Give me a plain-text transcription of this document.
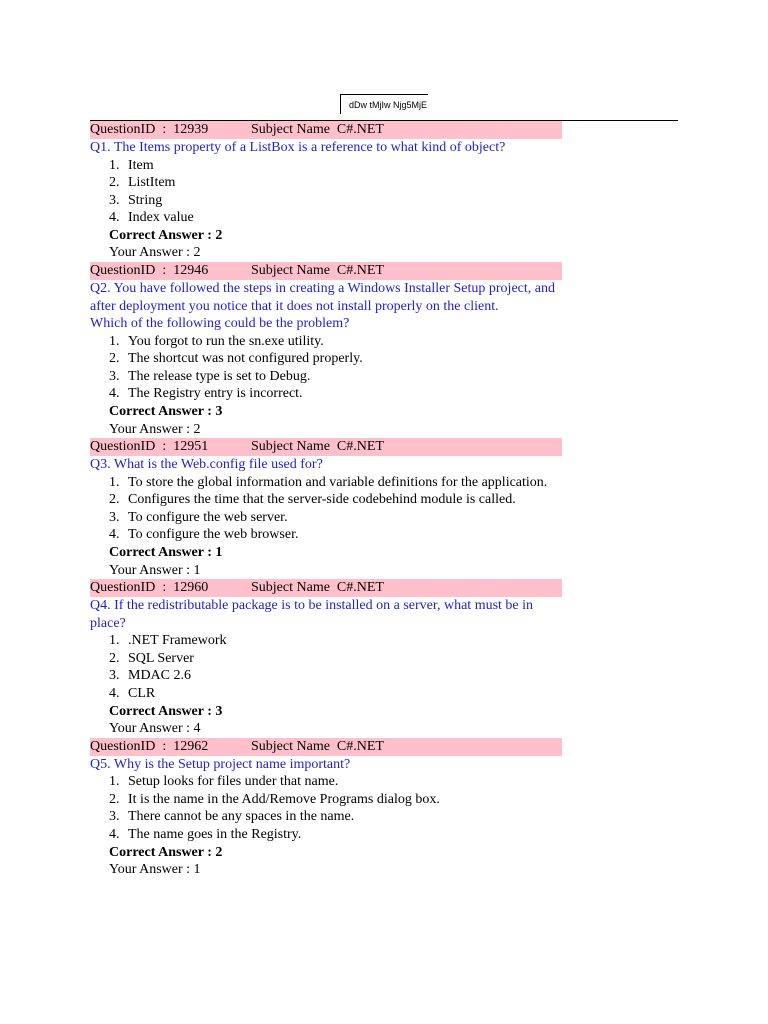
dDw tMjIw Njg5MjE
QuestionID : 12939	Subject Name C#.NET
Q1. The Items property of a ListBox is a reference to what kind of object?
1. Item
2. ListItem
3. String
4. Index value
Correct Answer : 2
Your Answer : 2
QuestionID : 12946	Subject Name C#.NET
Q2. You have followed the steps in creating a Windows Installer Setup project, and
after deployment you notice that it does not install properly on the client.
Which of the following could be the problem?
1. You forgot to run the sn.exe utility.
2. The shortcut was not configured properly.
3. The release type is set to Debug.
4. The Registry entry is incorrect.
Correct Answer : 3
Your Answer : 2
QuestionID : 12951	Subject Name C#.NET
Q3. What is the Web.config file used for?
1. To store the global information and variable definitions for the application.
2. Configures the time that the server-side codebehind module is called.
3. To configure the web server.
4. To configure the web browser.
Correct Answer : 1
Your Answer : 1
QuestionID : 12960	Subject Name C#.NET
Q4. If the redistributable package is to be installed on a server, what must be in place?
1. .NET Framework
2. SQL Server
3. MDAC 2.6
4. CLR
Correct Answer : 3
Your Answer : 4
QuestionID : 12962	Subject Name C#.NET
Q5. Why is the Setup project name important?
1. Setup looks for files under that name.
2. It is the name in the Add/Remove Programs dialog box.
3. There cannot be any spaces in the name.
4. The name goes in the Registry.
Correct Answer : 2
Your Answer : 1
